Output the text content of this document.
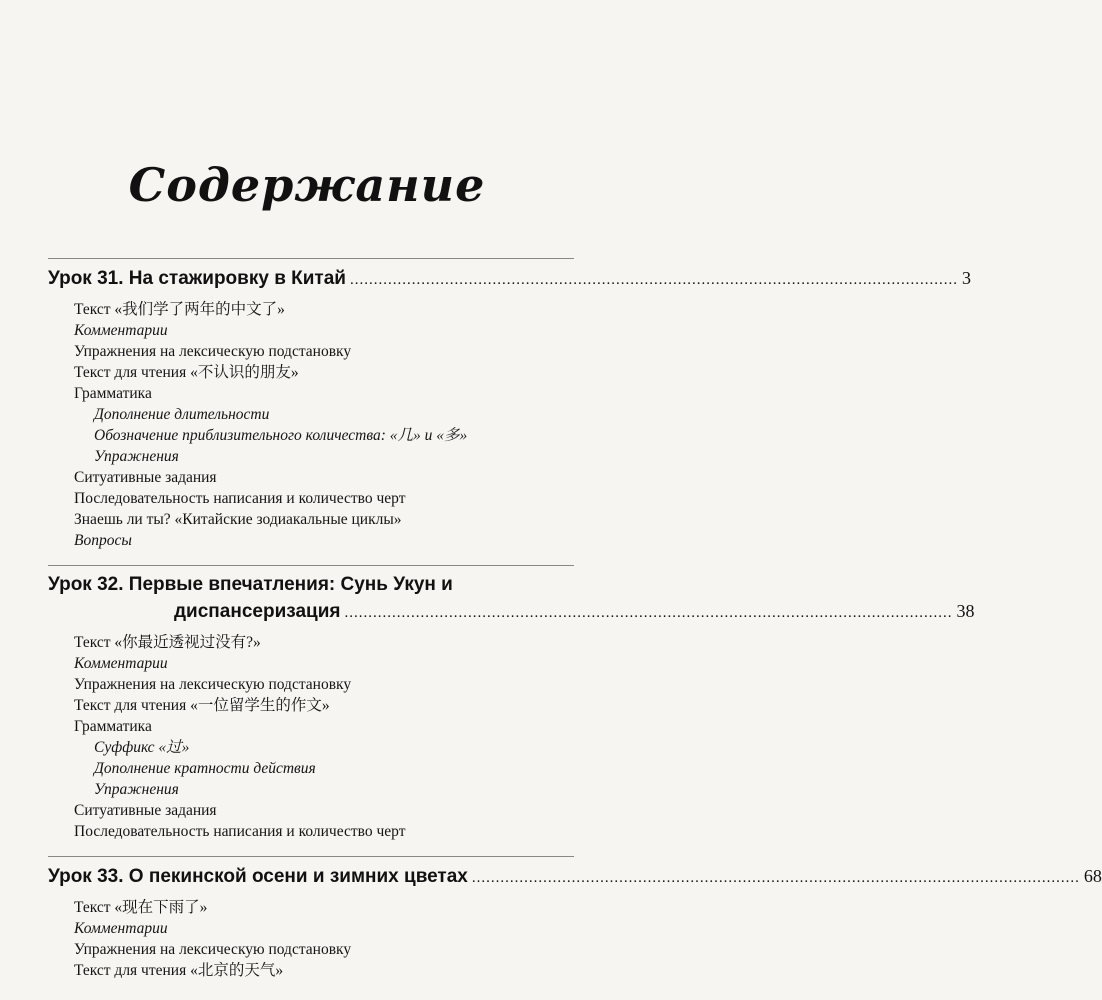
Содержание
Урок 31. На стажировку в Китай ................................................................................................................................ 3
Текст «我们学了两年的中文了»
Комментарии
Упражнения на лексическую подстановку
Текст для чтения «不认识的朋友»
Грамматика
Дополнение длительности
Обозначение приблизительного количества: «几» и «多»
Упражнения
Ситуативные задания
Последовательность написания и количество черт
Знаешь ли ты? «Китайские зодиакальные циклы»
Вопросы
Урок 32. Первые впечатления: Сунь Укун и
диспансеризация ................................................................................................................................ 38
Текст «你最近透视过没有?»
Комментарии
Упражнения на лексическую подстановку
Текст для чтения «一位留学生的作文»
Грамматика
Суффикс «过»
Дополнение кратности действия
Упражнения
Ситуативные задания
Последовательность написания и количество черт
Урок 33. О пекинской осени и зимних цветах ................................................................................................................................ 68
Текст «现在下雨了»
Комментарии
Упражнения на лексическую подстановку
Текст для чтения «北京的天气»
